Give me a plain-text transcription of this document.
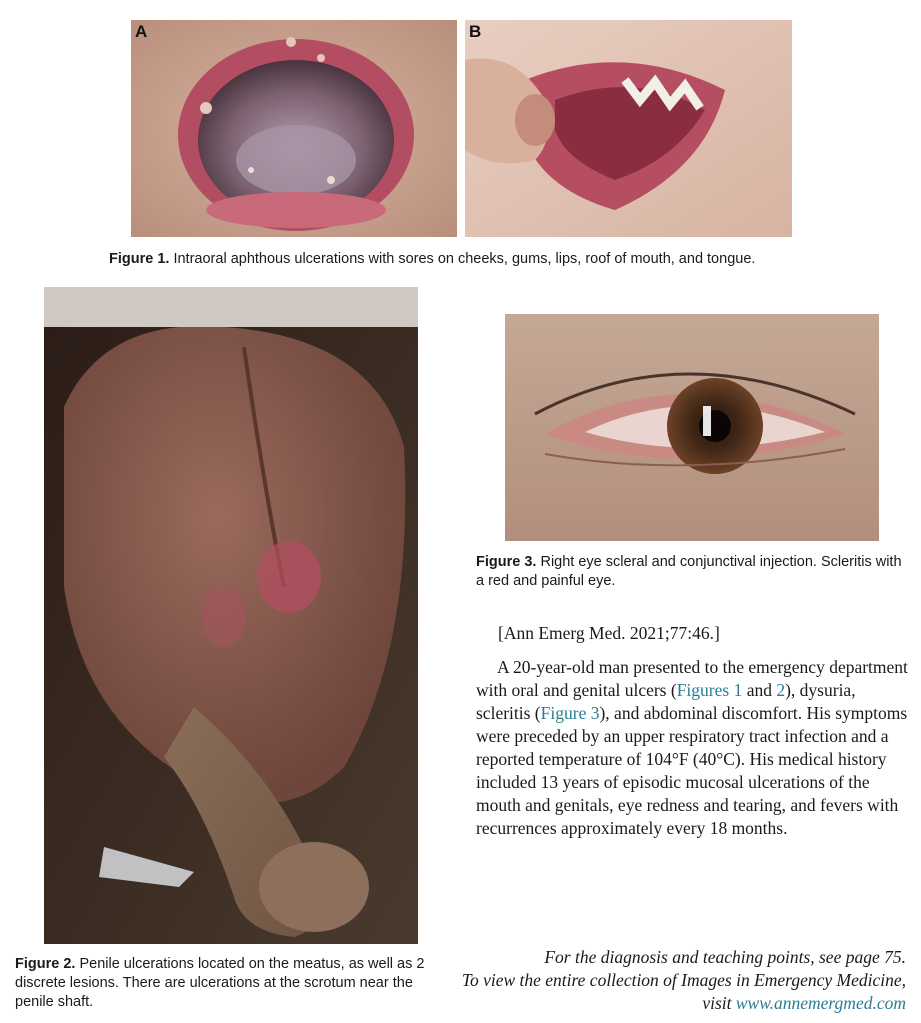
A	B
Figure 1. Intraoral aphthous ulcerations with sores on cheeks, gums, lips, roof of mouth, and tongue.
Figure 2. Penile ulcerations located on the meatus, as well as 2 discrete lesions. There are ulcerations at the scrotum near the penile shaft.
Figure 3. Right eye scleral and conjunctival injection. Scleritis with a red and painful eye.
[Ann Emerg Med. 2021;77:46.]
A 20-year-old man presented to the emergency department with oral and genital ulcers (Figures 1 and 2), dysuria, scleritis (Figure 3), and abdominal discomfort. His symptoms were preceded by an upper respiratory tract infection and a reported temperature of 104°F (40°C). His medical history included 13 years of episodic mucosal ulcerations of the mouth and genitals, eye redness and tearing, and fevers with recurrences approximately every 18 months.
For the diagnosis and teaching points, see page 75.
To view the entire collection of Images in Emergency Medicine,
visit www.annemergmed.com
